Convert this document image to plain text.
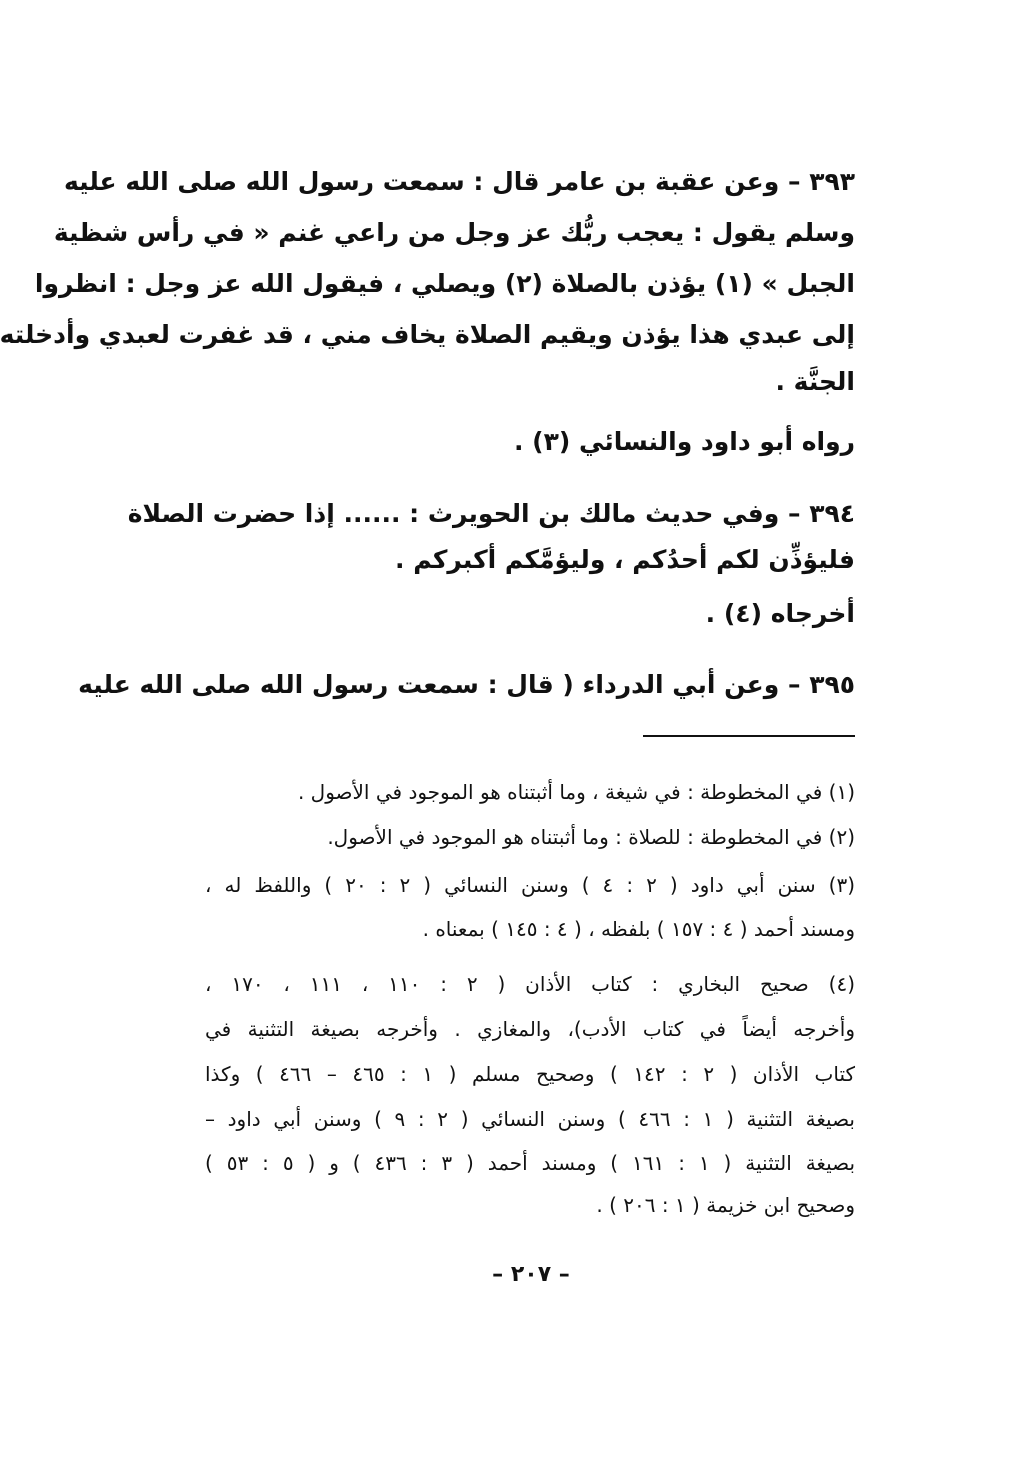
٣٩٣ – وعن عقبة بن عامر قال : سمعت رسول الله صلى الله عليه
وسلم يقول : يعجب ربُّك عز وجل من راعي غنم « في رأس شظية
الجبل » (١) يؤذن بالصلاة (٢) ويصلي ، فيقول الله عز وجل : انظروا
إلى عبدي هذا يؤذن ويقيم الصلاة يخاف مني ، قد غفرت لعبدي وأدخلته
الجنَّة .
رواه أبو داود والنسائي (٣) .
٣٩٤ – وفي حديث مالك بن الحويرث : ...... إذا حضرت الصلاة
فليؤذِّن لكم أحدُكم ، وليؤمَّكم أكبركم .
أخرجاه (٤) .
٣٩٥ – وعن أبي الدرداء ( قال : سمعت رسول الله صلى الله عليه
(١) في المخطوطة : في شيغة ، وما أثبتناه هو الموجود في الأصول .
(٢) في المخطوطة : للصلاة : وما أثبتناه هو الموجود في الأصول.
(٣) سنن أبي داود ( ٢ : ٤ ) وسنن النسائي ( ٢ : ٢٠ ) واللفظ له ،
ومسند أحمد ( ٤ : ١٥٧ ) بلفظه ، ( ٤ : ١٤٥ ) بمعناه .
(٤) صحيح البخاري : كتاب الأذان ( ٢ : ١١٠ ، ١١١ ، ١٧٠ ،
وأخرجه أيضاً في كتاب الأدب)، والمغازي . وأخرجه بصيغة التثنية في
كتاب الأذان ( ٢ : ١٤٢ ) وصحيح مسلم ( ١ : ٤٦٥ – ٤٦٦ ) وكذا
بصيغة التثنية ( ١ : ٤٦٦ ) وسنن النسائي ( ٢ : ٩ ) وسنن أبي داود –
بصيغة التثنية ( ١ : ١٦١ ) ومسند أحمد ( ٣ : ٤٣٦ ) و ( ٥ : ٥٣ )
وصحيح ابن خزيمة ( ١ : ٢٠٦ ) .
– ٢٠٧ –
